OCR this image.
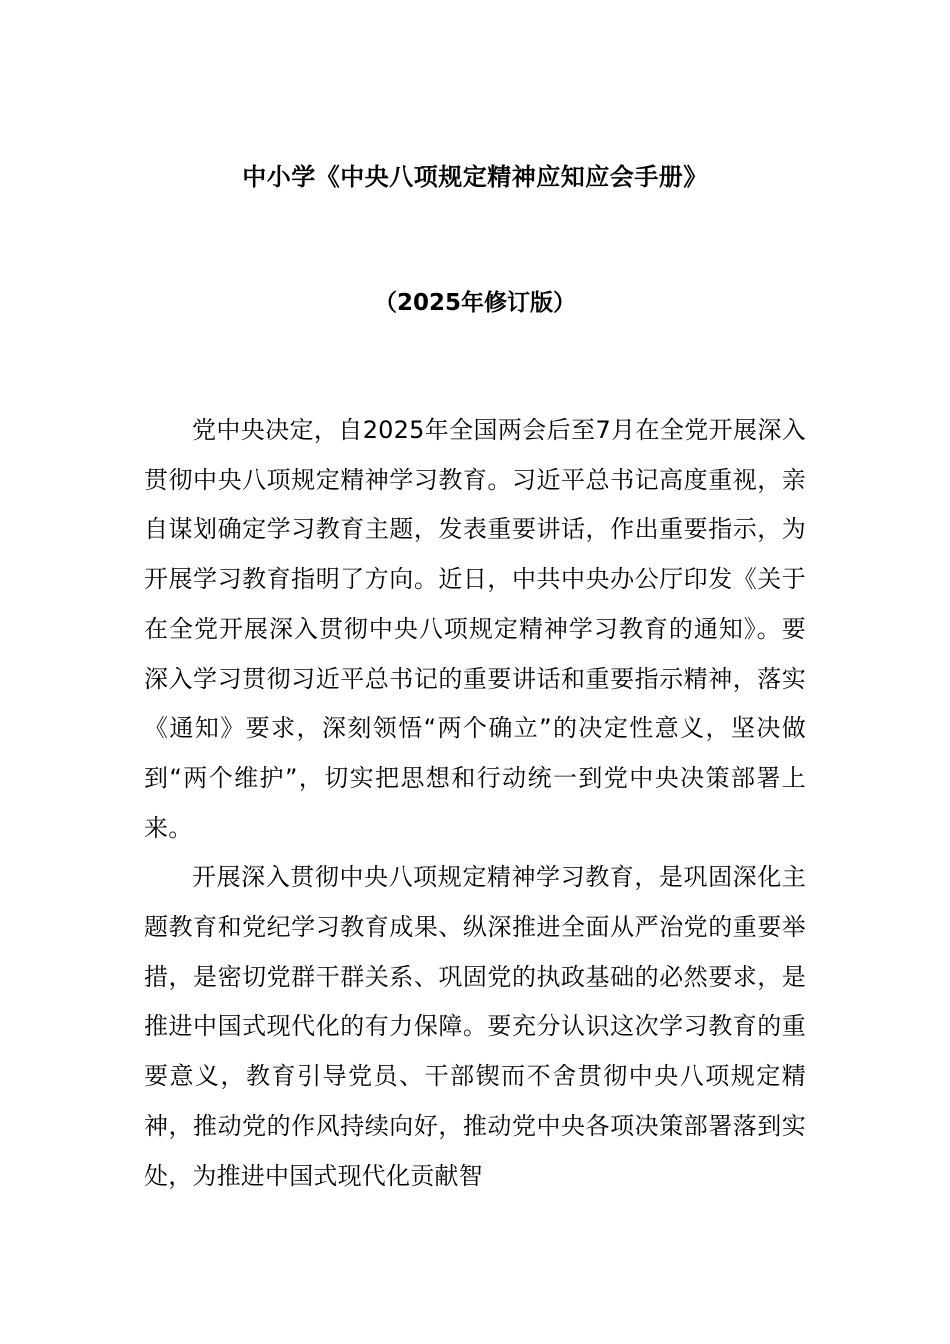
中小学《中央八项规定精神应知应会手册》
（2025年修订版）

党中央决定，自2025年全国两会后至7月在全党开展深入贯彻中央八项规定精神学习教育。习近平总书记高度重视，亲自谋划确定学习教育主题，发表重要讲话，作出重要指示，为开展学习教育指明了方向。近日，中共中央办公厅印发《关于在全党开展深入贯彻中央八项规定精神学习教育的通知》。要深入学习贯彻习近平总书记的重要讲话和重要指示精神，落实《通知》要求，深刻领悟“两个确立”的决定性意义，坚决做到“两个维护”，切实把思想和行动统一到党中央决策部署上来。

开展深入贯彻中央八项规定精神学习教育，是巩固深化主题教育和党纪学习教育成果、纵深推进全面从严治党的重要举措，是密切党群干群关系、巩固党的执政基础的必然要求，是推进中国式现代化的有力保障。要充分认识这次学习教育的重要意义，教育引导党员、干部锲而不舍贯彻中央八项规定精神，推动党的作风持续向好，推动党中央各项决策部署落到实处，为推进中国式现代化贡献智
